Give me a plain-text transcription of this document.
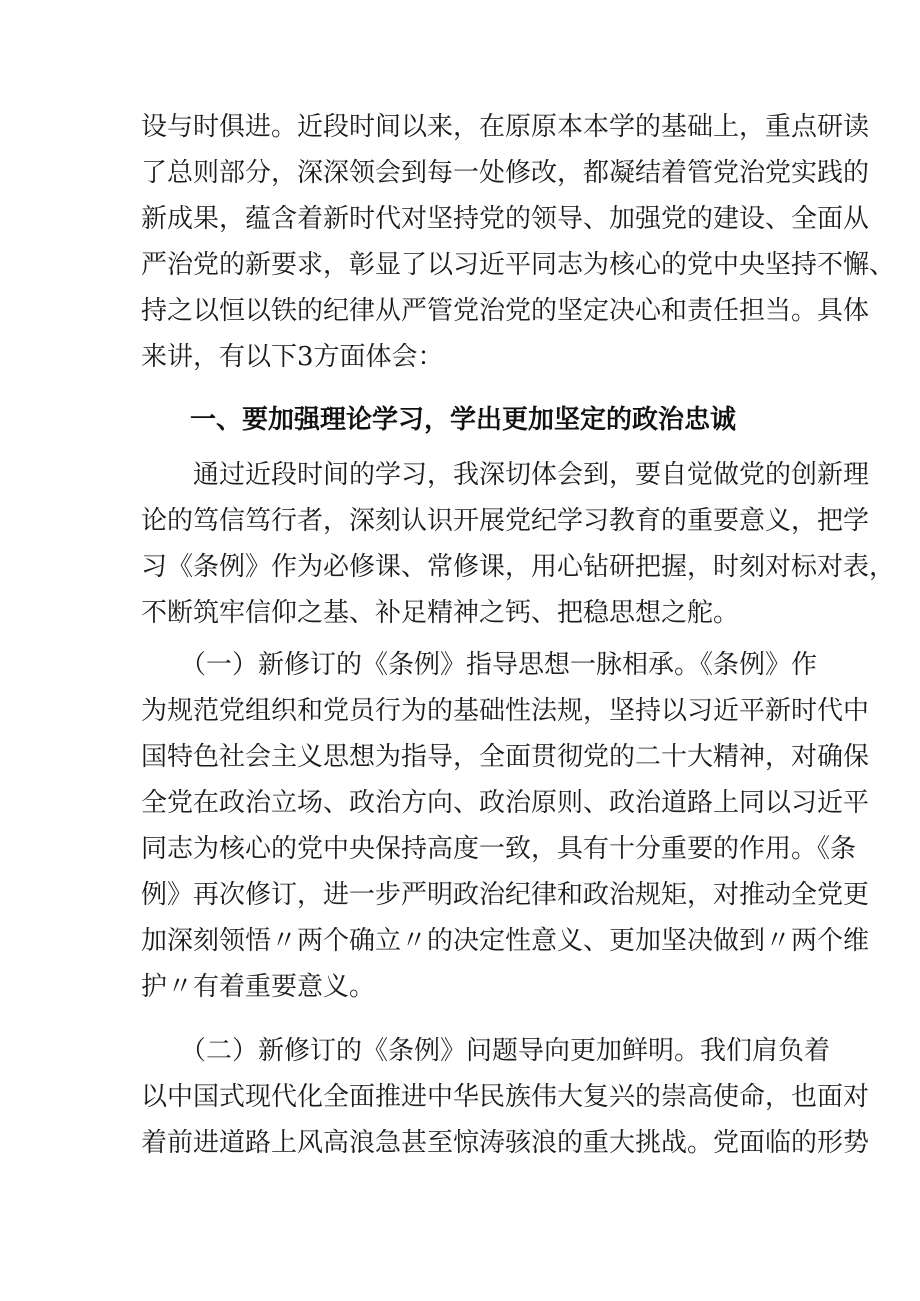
设与时俱进。近段时间以来，在原原本本学的基础上，重点研读
了总则部分，深深领会到每一处修改，都凝结着管党治党实践的
新成果，蕴含着新时代对坚持党的领导、加强党的建设、全面从
严治党的新要求，彰显了以习近平同志为核心的党中央坚持不懈、
持之以恒以铁的纪律从严管党治党的坚定决心和责任担当。具体
来讲，有以下3方面体会：
一、要加强理论学习，学出更加坚定的政治忠诚
　　通过近段时间的学习，我深切体会到，要自觉做党的创新理
论的笃信笃行者，深刻认识开展党纪学习教育的重要意义，把学
习《条例》作为必修课、常修课，用心钻研把握，时刻对标对表，
不断筑牢信仰之基、补足精神之钙、把稳思想之舵。
　　（一）新修订的《条例》指导思想一脉相承。《条例》作
为规范党组织和党员行为的基础性法规，坚持以习近平新时代中
国特色社会主义思想为指导，全面贯彻党的二十大精神，对确保
全党在政治立场、政治方向、政治原则、政治道路上同以习近平
同志为核心的党中央保持高度一致，具有十分重要的作用。《条
例》再次修订，进一步严明政治纪律和政治规矩，对推动全党更
加深刻领悟〃两个确立〃的决定性意义、更加坚决做到〃两个维
护〃有着重要意义。
　　（二）新修订的《条例》问题导向更加鲜明。我们肩负着
以中国式现代化全面推进中华民族伟大复兴的崇高使命，也面对
着前进道路上风高浪急甚至惊涛骇浪的重大挑战。党面临的形势
